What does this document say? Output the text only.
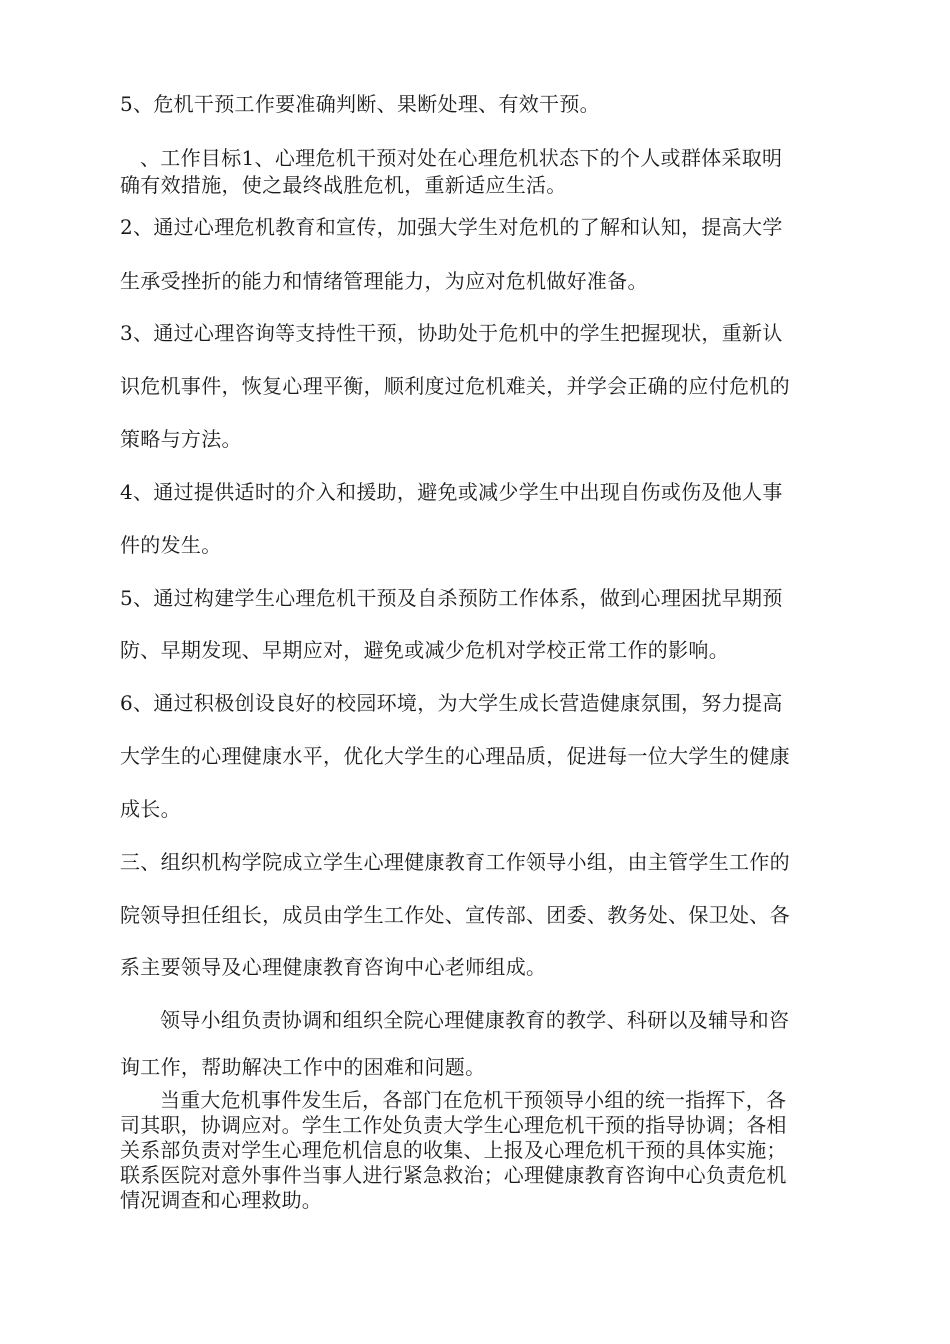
5、危机干预工作要准确判断、果断处理、有效干预。
、工作目标1、心理危机干预对处在心理危机状态下的个人或群体采取明
确有效措施，使之最终战胜危机，重新适应生活。
2、通过心理危机教育和宣传，加强大学生对危机的了解和认知，提高大学
生承受挫折的能力和情绪管理能力，为应对危机做好准备。
3、通过心理咨询等支持性干预，协助处于危机中的学生把握现状，重新认
识危机事件，恢复心理平衡，顺利度过危机难关，并学会正确的应付危机的
策略与方法。
4、通过提供适时的介入和援助，避免或减少学生中出现自伤或伤及他人事
件的发生。
5、通过构建学生心理危机干预及自杀预防工作体系，做到心理困扰早期预
防、早期发现、早期应对，避免或减少危机对学校正常工作的影响。
6、通过积极创设良好的校园环境，为大学生成长营造健康氛围，努力提高
大学生的心理健康水平，优化大学生的心理品质，促进每一位大学生的健康
成长。
三、组织机构学院成立学生心理健康教育工作领导小组，由主管学生工作的
院领导担任组长，成员由学生工作处、宣传部、团委、教务处、保卫处、各
系主要领导及心理健康教育咨询中心老师组成。
领导小组负责协调和组织全院心理健康教育的教学、科研以及辅导和咨
询工作，帮助解决工作中的困难和问题。
当重大危机事件发生后，各部门在危机干预领导小组的统一指挥下，各
司其职，协调应对。学生工作处负责大学生心理危机干预的指导协调；各相
关系部负责对学生心理危机信息的收集、上报及心理危机干预的具体实施；
联系医院对意外事件当事人进行紧急救治；心理健康教育咨询中心负责危机
情况调查和心理救助。
